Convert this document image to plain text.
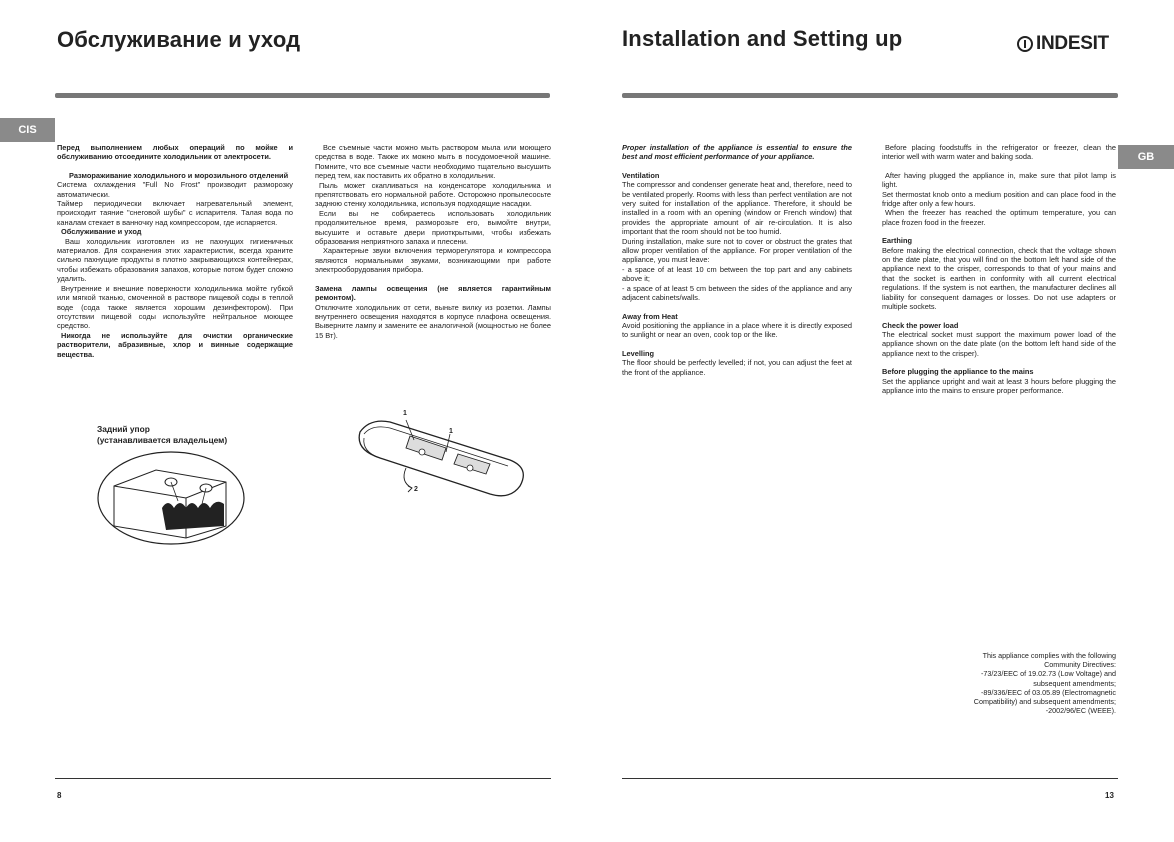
Обслуживание и уход
CIS

Перед выполнением любых операций по мойке и обслуживанию отсоедините холодильник от электросети.

Размораживание холодильного и морозильного отделений

Система охлаждения "Full No Frost" производит разморозку автоматически.

Таймер периодически включает нагревательный элемент, происходит таяние "снеговой шубы" с испарителя. Талая вода по каналам стекает в ванночку над компрессором, где испаряется.

Обслуживание и уход

Ваш холодильник изготовлен из не пахнущих гигиеничных материалов. Для сохранения этих характеристик, всегда храните сильно пахнущие продукты в плотно закрывающихся контейнерах, чтобы избежать образования запахов, которые потом будет сложно удалить.

Внутренние и внешние поверхности холодильника мойте губкой или мягкой тканью, смоченной в растворе пищевой соды в теплой воде (сода также является хорошим дезинфектором). При отсутствии пищевой соды используйте нейтральное моющее средство.

Никогда не используйте для очистки органические растворители, абразивные, хлор и винные содержащие вещества.

Все съемные части можно мыть раствором мыла или моющего средства в воде. Также их можно мыть в посудомоечной машине. Помните, что все съемные части необходимо тщательно высушить перед тем, как поставить их обратно в холодильник.

Пыль может скапливаться на конденсаторе холодильника и препятствовать его нормальной работе. Осторожно пропылесосьте заднюю стенку холодильника, используя подходящие насадки.

Если вы не собираетесь использовать холодильник продолжительное время, разморозьте его, вымойте внутри, высушите и оставьте двери приоткрытыми, чтобы избежать образования неприятного запаха и плесени.

Характерные звуки включения терморегулятора и компрессора являются нормальными звуками, возникающими при работе электрооборудования прибора.

Замена лампы освещения (не является гарантийным ремонтом).

Отключите холодильник от сети, выньте вилку из розетки. Лампы внутреннего освещения находятся в корпусе плафона освещения. Выверните лампу и замените ее аналогичной (мощностью не более 15 Вт).

Задний упор
(устанавливается владельцем)
1
1
2
8
Installation and Setting up	INDESIT
GB

Proper installation of the appliance is essential to ensure the best and most efficient performance of your appliance.

Ventilation

The compressor and condenser generate heat and, therefore, need to be ventilated properly. Rooms with less than perfect ventilation are not very suited for installation of the appliance. Therefore, it should be installed in a room with an opening (window or French window) that provides the appropriate amount of air re-circulation. It is also important that the room should not be too humid.

During installation, make sure not to cover or obstruct the grates that allow proper ventilation of the appliance. For proper ventilation of the appliance, you must leave:

- a space of at least 10 cm between the top part and any cabinets above it;

- a space of at least 5 cm between the sides of the appliance and any adjacent cabinets/walls.

Away from Heat

Avoid positioning the appliance in a place where it is directly exposed to sunlight or near an oven, cook top or the like.

Levelling

The floor should be perfectly levelled; if not, you can adjust the feet at the front of the appliance.

Before placing foodstuffs in the refrigerator or freezer, clean the interior well with warm water and baking soda.

After having plugged the appliance in, make sure that pilot lamp is light.

Set thermostat knob onto a medium position and can place food in the fridge after only a few hours.

When the freezer has reached the optimum temperature, you can place frozen food in the freezer.

Earthing

Before making the electrical connection, check that the voltage shown on the date plate, that you will find on the bottom left hand side of the appliance next to the crisper, corresponds to that of your mains and that the socket is earthen in conformity with all current electrical regulations. If the system is not earthen, the manufacturer declines all liability for consequent damages or losses. Do not use adapters or multiple sockets.

Check the power load

The electrical socket must support the maximum power load of the appliance shown on the date plate (on the bottom left hand side of the appliance next to the crisper).

Before plugging the appliance to the mains

Set the appliance upright and wait at least 3 hours before plugging the appliance into the mains to ensure proper performance.

This appliance complies with the following
Community Directives:
-73/23/EEC of 19.02.73 (Low Voltage) and
subsequent amendments;
-89/336/EEC of 03.05.89 (Electromagnetic
Compatibility) and subsequent amendments;
-2002/96/EC (WEEE).
13
